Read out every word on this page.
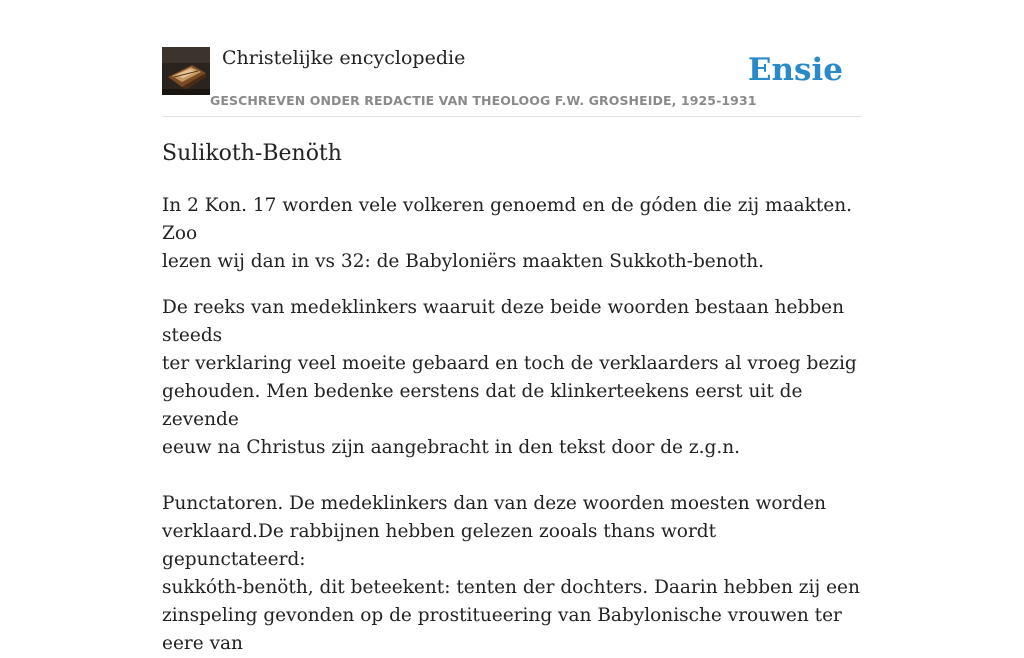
Christelijke encyclopedie
GESCHREVEN ONDER REDACTIE VAN THEOLOOG F.W. GROSHEIDE, 1925-1931
Ensie
Sulikoth-Benöth

In 2 Kon. 17 worden vele volkeren genoemd en de góden die zij maakten. Zoo
lezen wij dan in vs 32: de Babyloniërs maakten Sukkoth-benoth.

De reeks van medeklinkers waaruit deze beide woorden bestaan hebben steeds
ter verklaring veel moeite gebaard en toch de verklaarders al vroeg bezig
gehouden. Men bedenke eerstens dat de klinkerteekens eerst uit de zevende
eeuw na Christus zijn aangebracht in den tekst door de z.g.n.

Punctatoren. De medeklinkers dan van deze woorden moesten worden
verklaard.De rabbijnen hebben gelezen zooals thans wordt gepunctateerd:
sukkóth-benöth, dit beteekent: tenten der dochters. Daarin hebben zij een
zinspeling gevonden op de prostitueering van Babylonische vrouwen ter eere van
